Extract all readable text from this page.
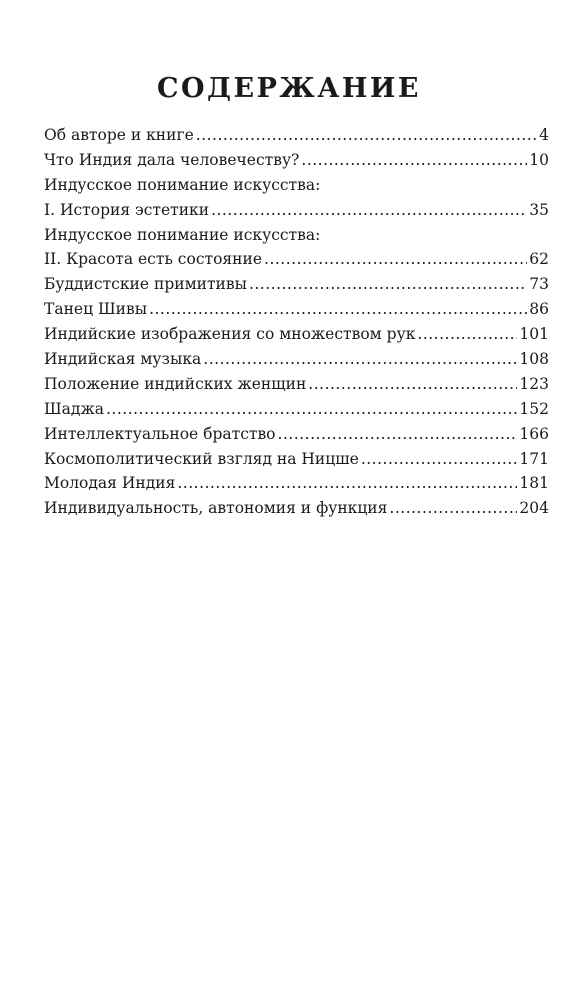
СОДЕРЖАНИЕ
Об авторе и книге .....	4
Что Индия дала человечеству? .....	10
Индусское понимание искусства:
I. История эстетики .....	35
Индусское понимание искусства:
II. Красота есть состояние .....	62
Буддистские примитивы .....	73
Танец Шивы .....	86
Индийские изображения со множеством рук .....	101
Индийская музыка .....	108
Положение индийских женщин .....	123
Шаджа .....	152
Интеллектуальное братство .....	166
Космополитический взгляд на Ницше .....	171
Молодая Индия .....	181
Индивидуальность, автономия и функция .....	204
